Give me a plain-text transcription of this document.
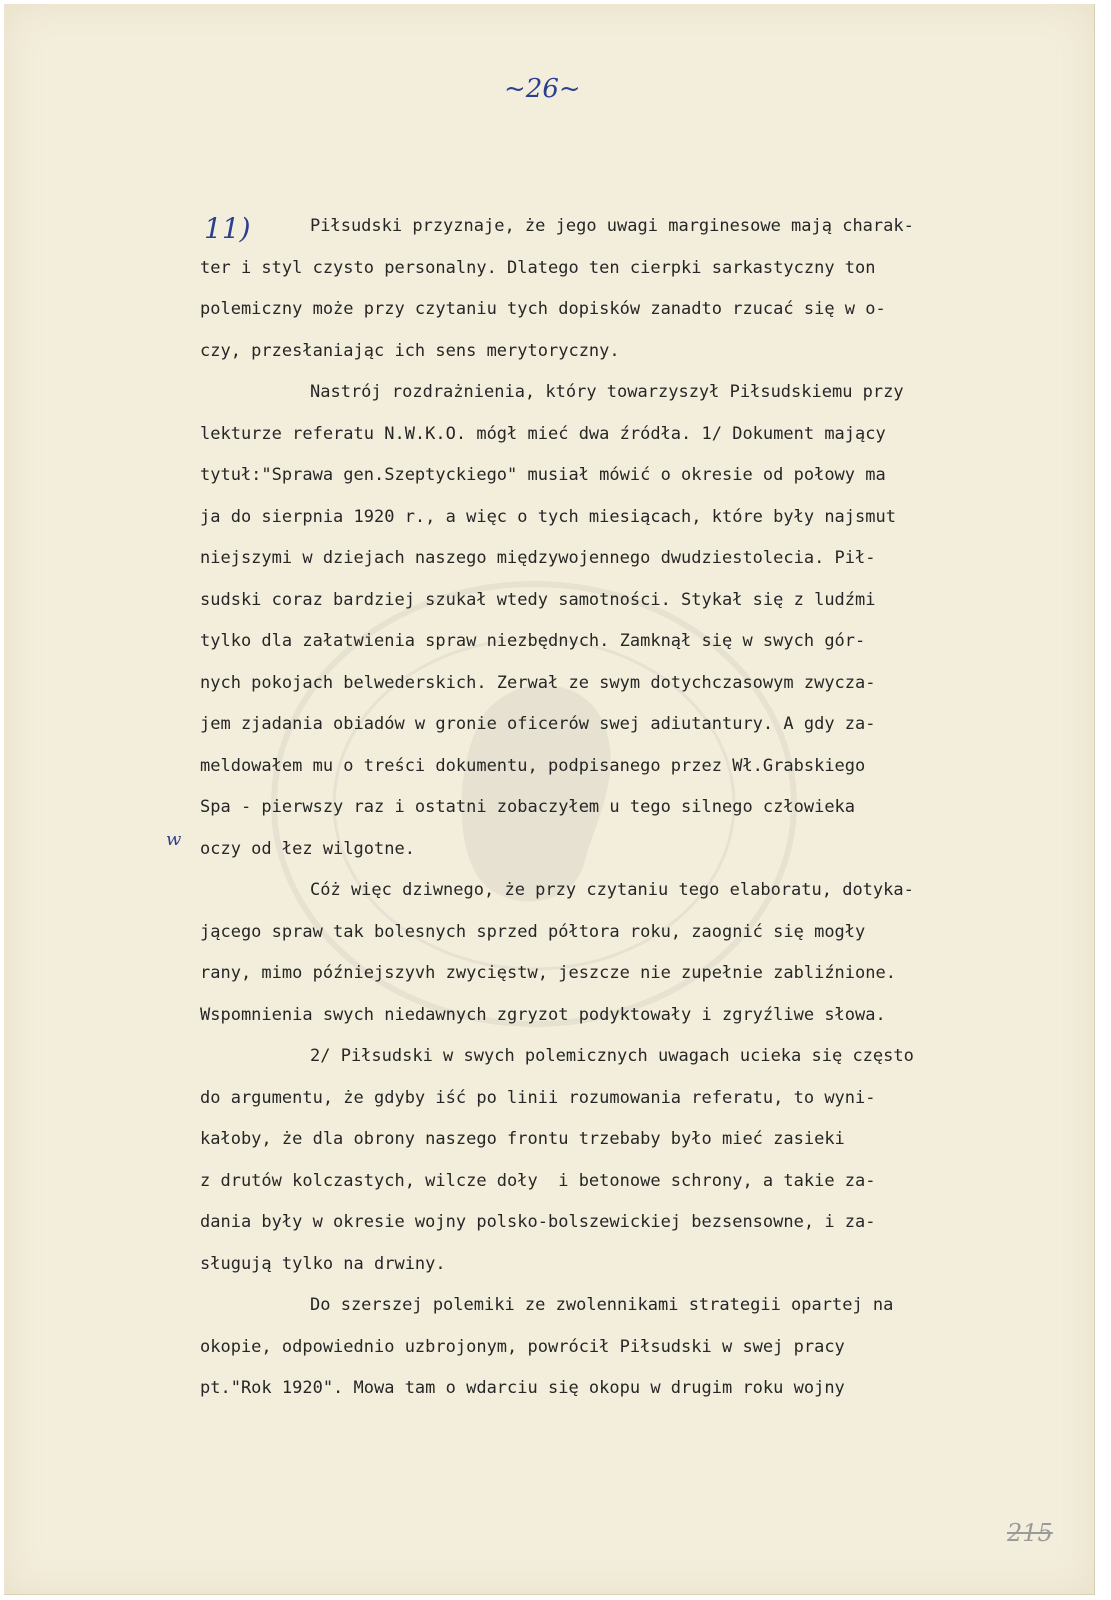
~26~
11)
w
215
Piłsudski przyznaje, że jego uwagi marginesowe mają charak-
ter i styl czysto personalny. Dlatego ten cierpki sarkastyczny ton
polemiczny może przy czytaniu tych dopisków zanadto rzucać się w o-
czy, przesłaniając ich sens merytoryczny.
Nastrój rozdrażnienia, który towarzyszył Piłsudskiemu przy
lekturze referatu N.W.K.O. mógł mieć dwa źródła. 1/ Dokument mający
tytuł:"Sprawa gen.Szeptyckiego" musiał mówić o okresie od połowy ma
ja do sierpnia 1920 r., a więc o tych miesiącach, które były najsmut
niejszymi w dziejach naszego międzywojennego dwudziestolecia. Pił-
sudski coraz bardziej szukał wtedy samotności. Stykał się z ludźmi
tylko dla załatwienia spraw niezbędnych. Zamknął się w swych gór-
nych pokojach belwederskich. Zerwał ze swym dotychczasowym zwycza-
jem zjadania obiadów w gronie oficerów swej adiutantury. A gdy za-
meldowałem mu o treści dokumentu, podpisanego przez Wł.Grabskiego
Spa - pierwszy raz i ostatni zobaczyłem u tego silnego człowieka
oczy od łez wilgotne.
Cóż więc dziwnego, że przy czytaniu tego elaboratu, dotyka-
jącego spraw tak bolesnych sprzed półtora roku, zaognić się mogły
rany, mimo późniejszyvh zwycięstw, jeszcze nie zupełnie zabliźnione.
Wspomnienia swych niedawnych zgryzot podyktowały i zgryźliwe słowa.
2/ Piłsudski w swych polemicznych uwagach ucieka się często
do argumentu, że gdyby iść po linii rozumowania referatu, to wyni-
kałoby, że dla obrony naszego frontu trzebaby było mieć zasieki
z drutów kolczastych, wilcze doły  i betonowe schrony, a takie za-
dania były w okresie wojny polsko-bolszewickiej bezsensowne, i za-
sługują tylko na drwiny.
Do szerszej polemiki ze zwolennikami strategii opartej na
okopie, odpowiednio uzbrojonym, powrócił Piłsudski w swej pracy
pt."Rok 1920". Mowa tam o wdarciu się okopu w drugim roku wojny
